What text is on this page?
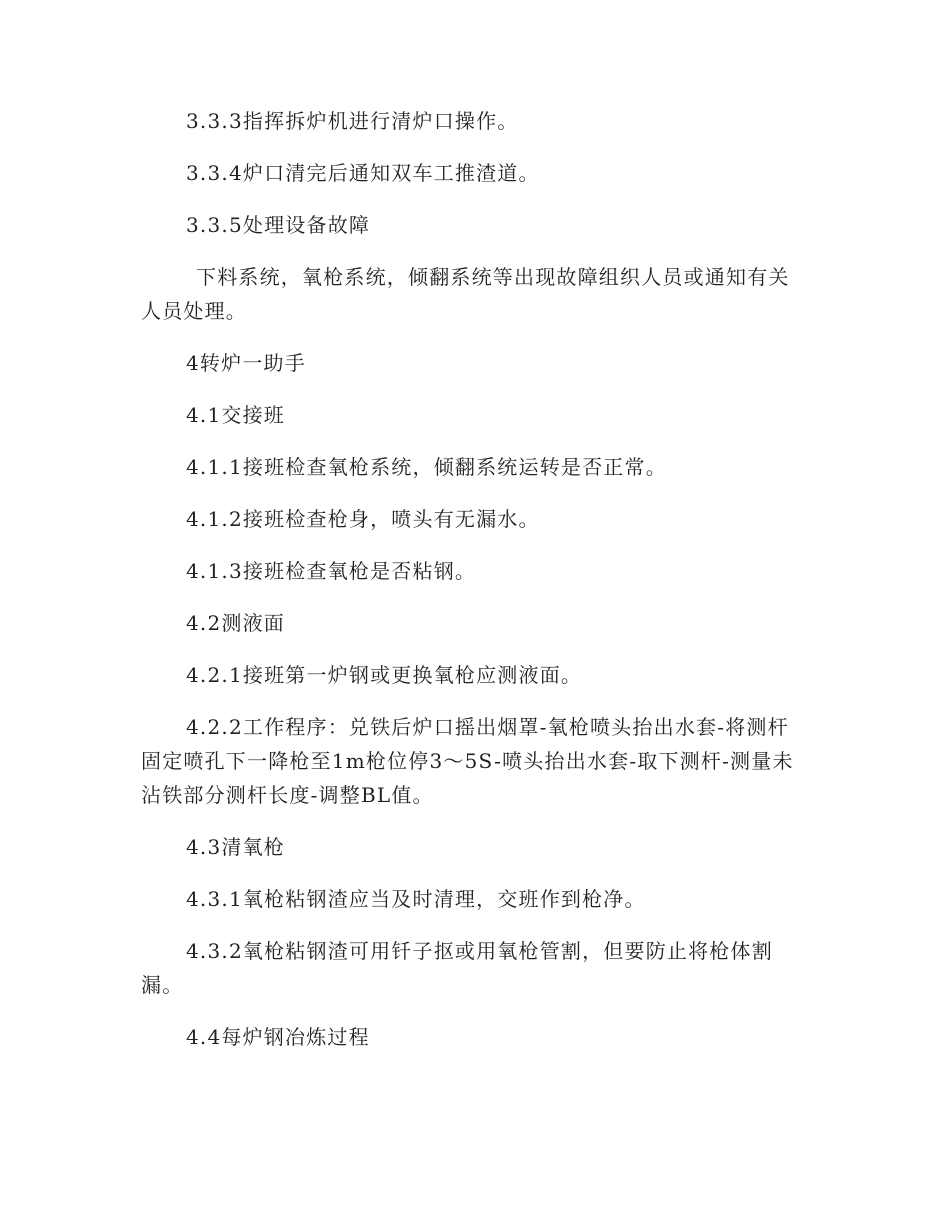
3.3.3指挥拆炉机进行清炉口操作。

3.3.4炉口清完后通知双车工推渣道。

3.3.5处理设备故障

下料系统，氧枪系统，倾翻系统等出现故障组织人员或通知有关人员处理。

4转炉一助手

4.1交接班

4.1.1接班检查氧枪系统，倾翻系统运转是否正常。

4.1.2接班检查枪身，喷头有无漏水。

4.1.3接班检查氧枪是否粘钢。

4.2测液面

4.2.1接班第一炉钢或更换氧枪应测液面。

4.2.2工作程序：兑铁后炉口摇出烟罩-氧枪喷头抬出水套-将测杆固定喷孔下一降枪至1m枪位停3～5S-喷头抬出水套-取下测杆-测量未沾铁部分测杆长度-调整BL值。

4.3清氧枪

4.3.1氧枪粘钢渣应当及时清理，交班作到枪净。

4.3.2氧枪粘钢渣可用钎子抠或用氧枪管割，但要防止将枪体割漏。

4.4每炉钢冶炼过程
